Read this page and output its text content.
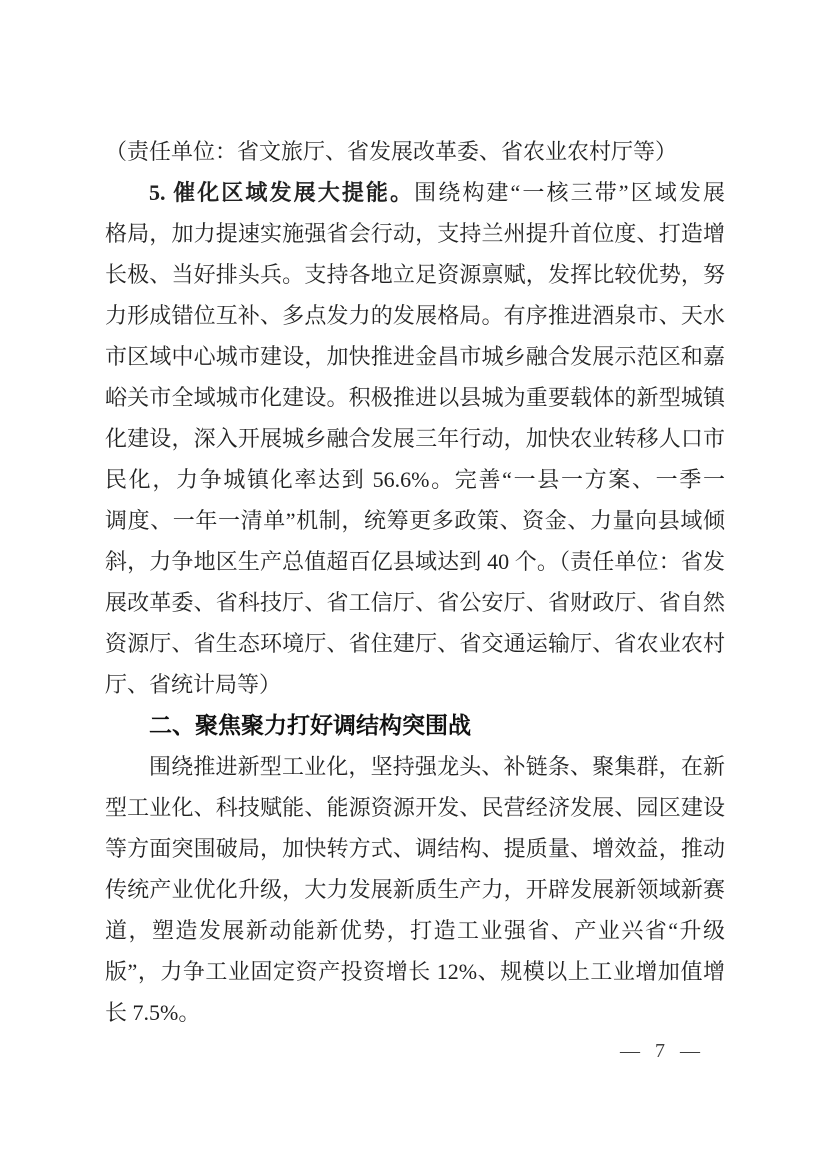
（责任单位：省文旅厅、省发展改革委、省农业农村厅等）
5. 催化区域发展大提能。围绕构建“一核三带”区域发展
格局，加力提速实施强省会行动，支持兰州提升首位度、打造增
长极、当好排头兵。支持各地立足资源禀赋，发挥比较优势，努
力形成错位互补、多点发力的发展格局。有序推进酒泉市、天水
市区域中心城市建设，加快推进金昌市城乡融合发展示范区和嘉
峪关市全域城市化建设。积极推进以县城为重要载体的新型城镇
化建设，深入开展城乡融合发展三年行动，加快农业转移人口市
民化，力争城镇化率达到 56.6%。完善“一县一方案、一季一
调度、一年一清单”机制，统筹更多政策、资金、力量向县域倾
斜，力争地区生产总值超百亿县域达到 40 个。（责任单位：省发
展改革委、省科技厅、省工信厅、省公安厅、省财政厅、省自然
资源厅、省生态环境厅、省住建厅、省交通运输厅、省农业农村
厅、省统计局等）
二、聚焦聚力打好调结构突围战
围绕推进新型工业化，坚持强龙头、补链条、聚集群，在新
型工业化、科技赋能、能源资源开发、民营经济发展、园区建设
等方面突围破局，加快转方式、调结构、提质量、增效益，推动
传统产业优化升级，大力发展新质生产力，开辟发展新领域新赛
道，塑造发展新动能新优势，打造工业强省、产业兴省“升级
版”，力争工业固定资产投资增长 12%、规模以上工业增加值增
长 7.5%。
— 7 —
